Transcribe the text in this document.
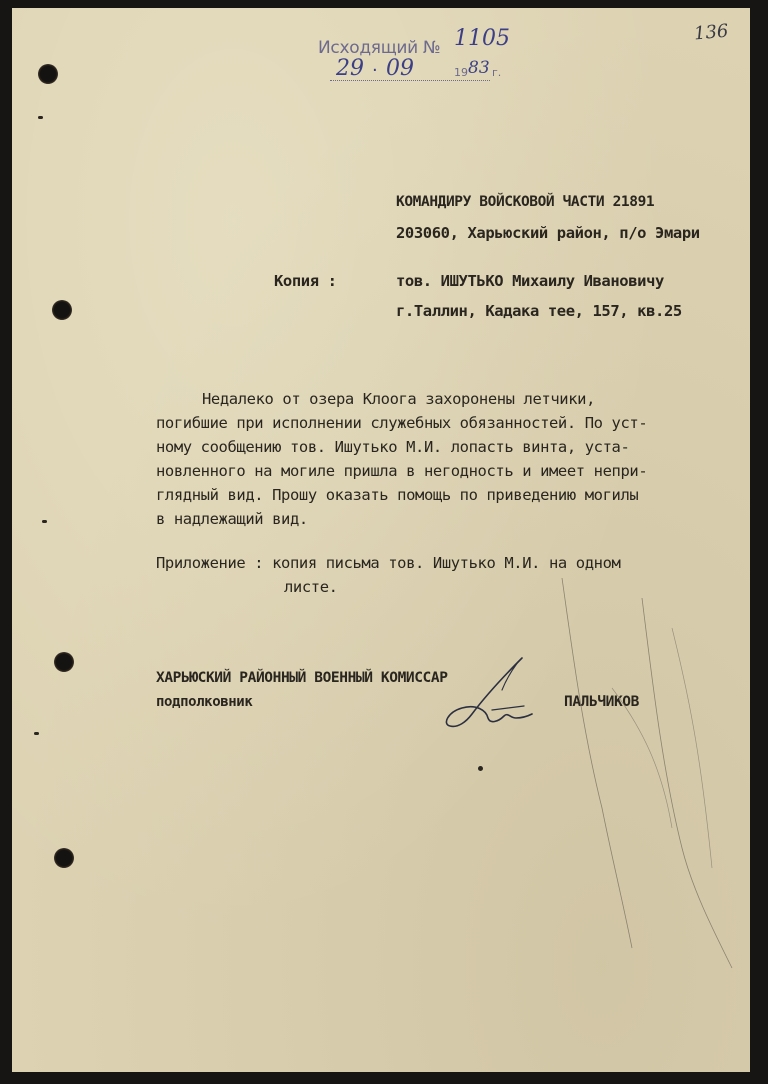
Исходящий № 1105
29 · 09	19 83 г.
136
КОМАНДИРУ ВОЙСКОВОЙ ЧАСТИ 21891
203060, Харьюский район, п/о Эмари
Копия :	тов. ИШУТЬКО Михаилу Ивановичу
г.Таллин, Кадака тее, 157, кв.25
Недалеко от озера Клоога захоронены летчики,
погибшие при исполнении служебных обязанностей. По уст-
ному сообщению тов. Ишутько М.И. лопасть винта, уста-
новленного на могиле пришла в негодность и имеет непри-
глядный вид. Прошу оказать помощь по приведению могилы
в надлежащий вид.
Приложение : копия письма тов. Ишутько М.И. на одном
листе.
ХАРЬЮСКИЙ РАЙОННЫЙ ВОЕННЫЙ КОМИССАР
подполковник	ПАЛЬЧИКОВ
